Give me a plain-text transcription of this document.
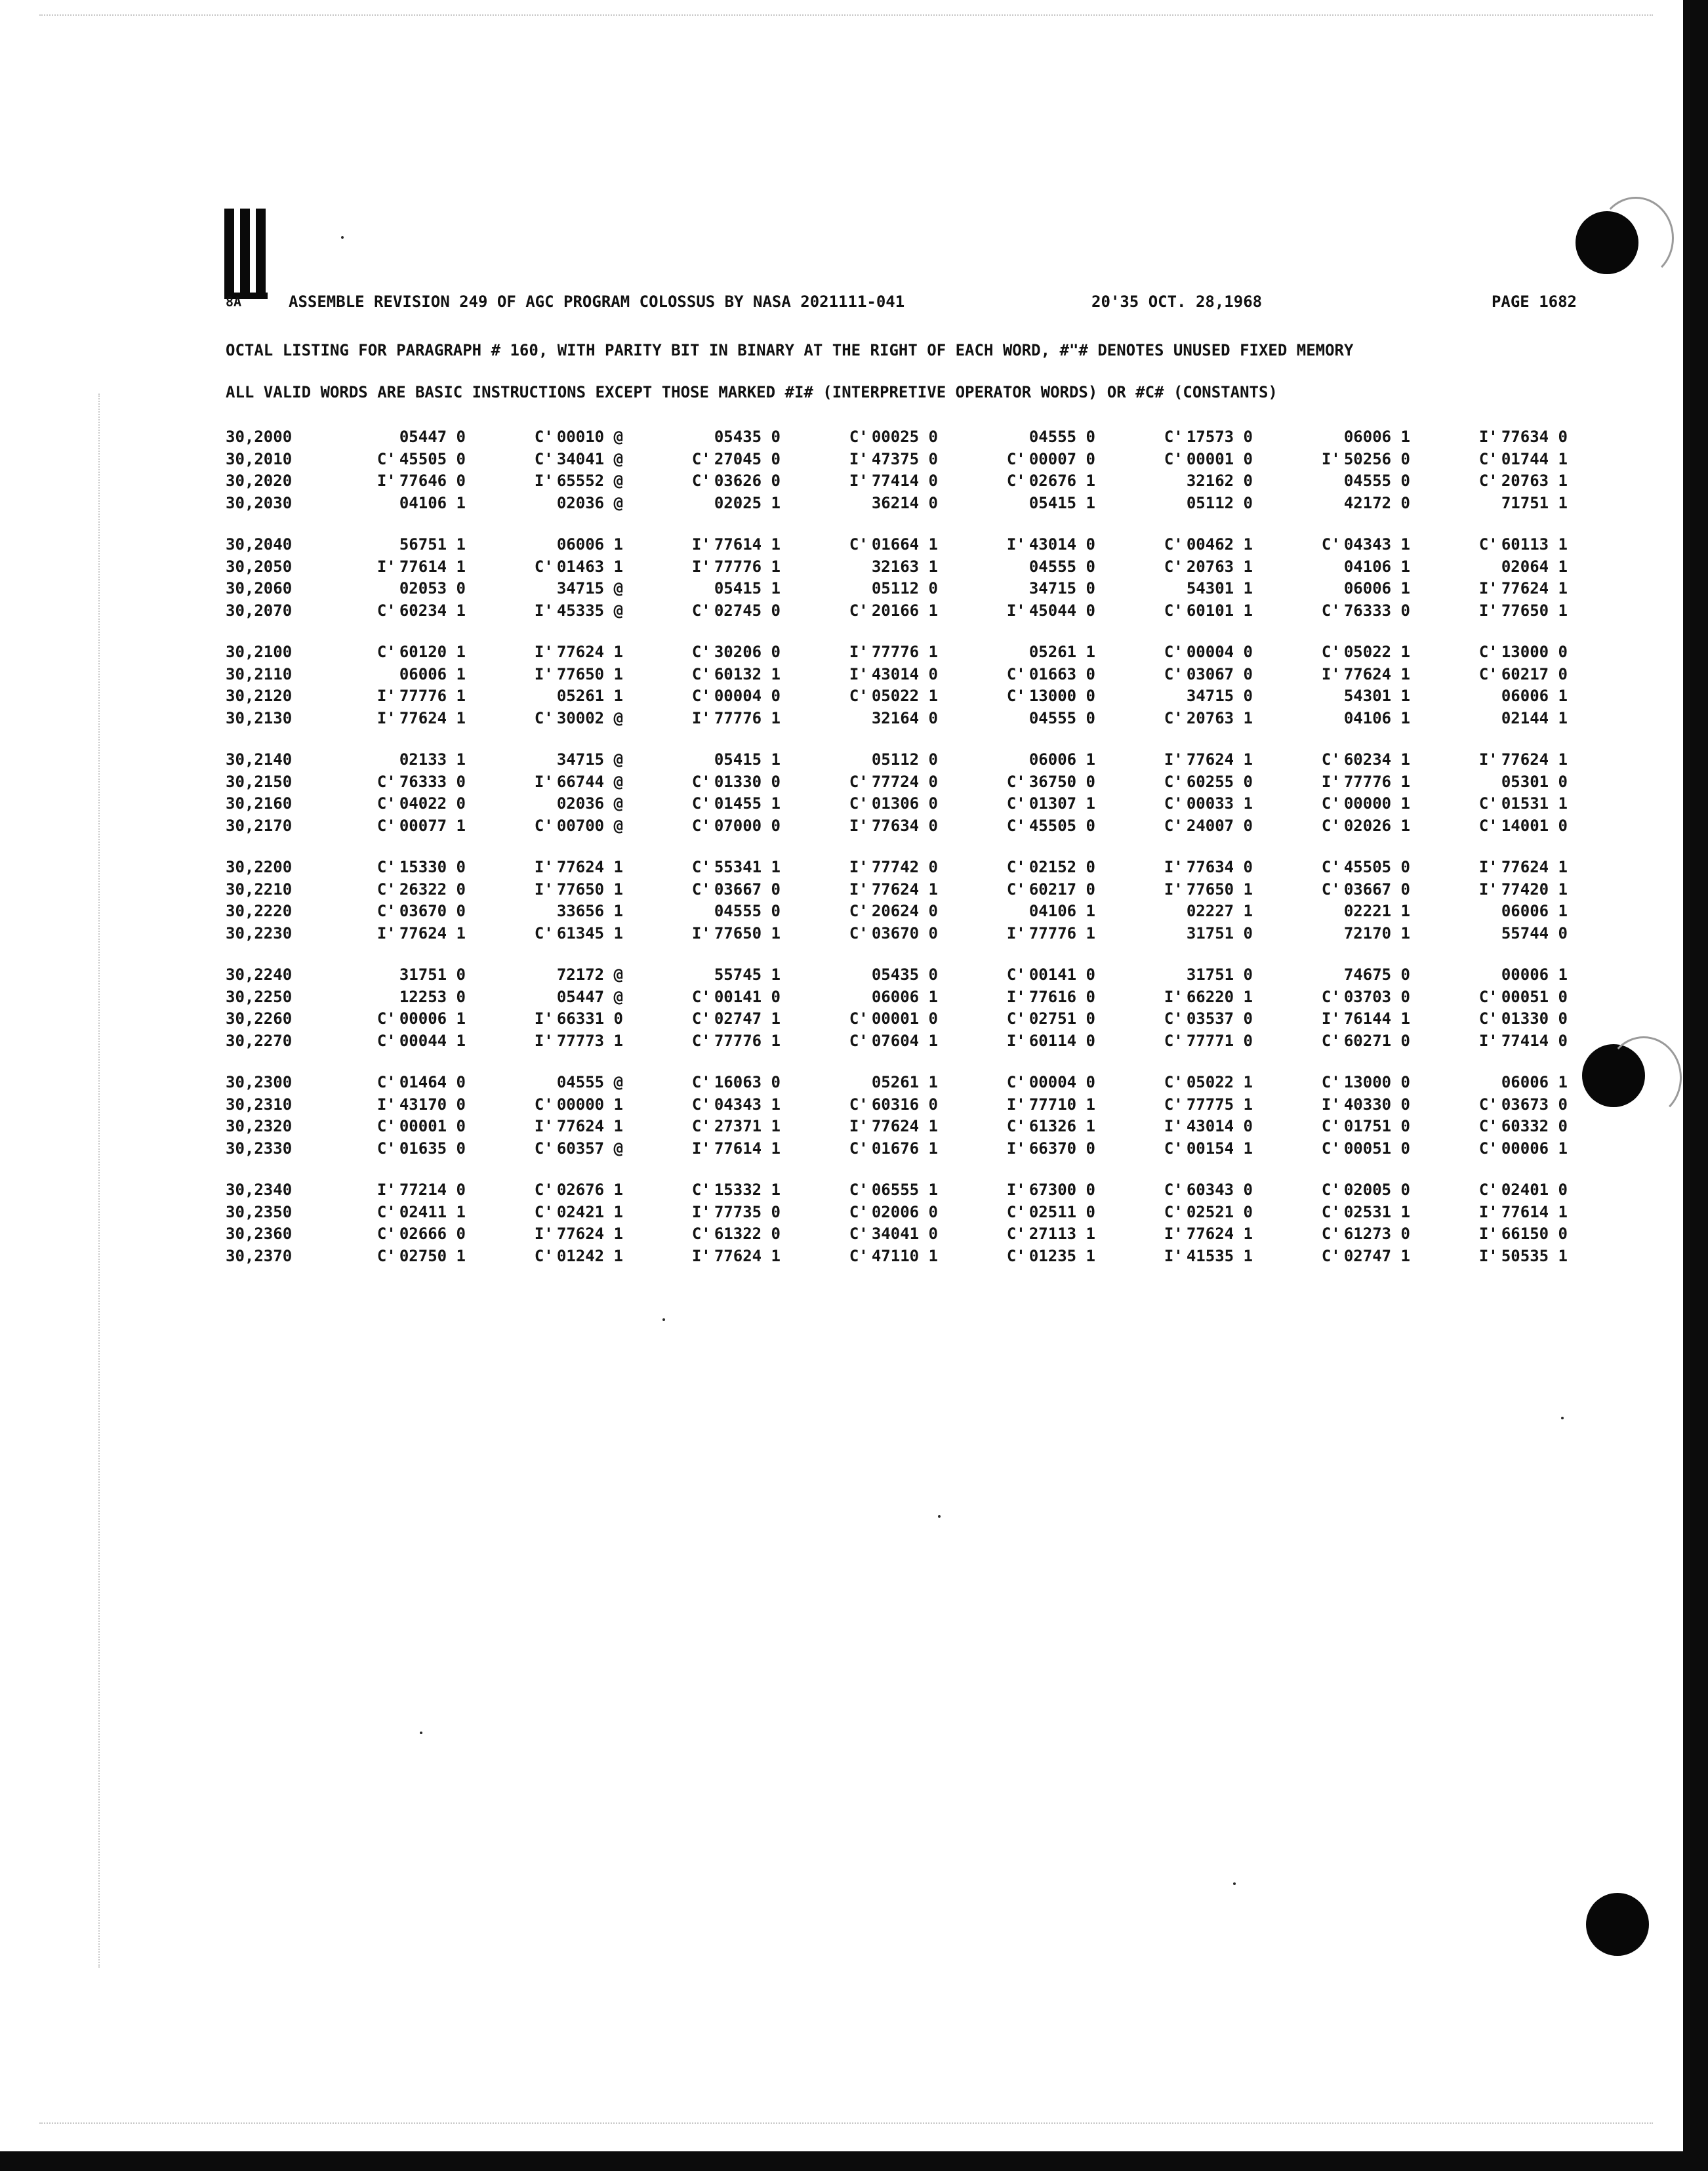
8A	ASSEMBLE REVISION 249 OF AGC PROGRAM COLOSSUS BY NASA 2021111-041	20'35 OCT. 28,1968	PAGE 1682
OCTAL LISTING FOR PARAGRAPH # 160, WITH PARITY BIT IN BINARY AT THE RIGHT OF EACH WORD, #"# DENOTES UNUSED FIXED MEMORY
ALL VALID WORDS ARE BASIC INSTRUCTIONS EXCEPT THOSE MARKED #I# (INTERPRETIVE OPERATOR WORDS) OR #C# (CONSTANTS)
30,2000	05447 0	C' 00010 @	05435 0	C' 00025 0	04555 0	C' 17573 0	06006 1	I' 77634 0
30,2010	C' 45505 0	C' 34041 @	C' 27045 0	I' 47375 0	C' 00007 0	C' 00001 0	I' 50256 0	C' 01744 1
30,2020	I' 77646 0	I' 65552 @	C' 03626 0	I' 77414 0	C' 02676 1	32162 0	04555 0	C' 20763 1
30,2030	04106 1	02036 @	02025 1	36214 0	05415 1	05112 0	42172 0	71751 1
30,2040	56751 1	06006 1	I' 77614 1	C' 01664 1	I' 43014 0	C' 00462 1	C' 04343 1	C' 60113 1
30,2050	I' 77614 1	C' 01463 1	I' 77776 1	32163 1	04555 0	C' 20763 1	04106 1	02064 1
30,2060	02053 0	34715 @	05415 1	05112 0	34715 0	54301 1	06006 1	I' 77624 1
30,2070	C' 60234 1	I' 45335 @	C' 02745 0	C' 20166 1	I' 45044 0	C' 60101 1	C' 76333 0	I' 77650 1
30,2100	C' 60120 1	I' 77624 1	C' 30206 0	I' 77776 1	05261 1	C' 00004 0	C' 05022 1	C' 13000 0
30,2110	06006 1	I' 77650 1	C' 60132 1	I' 43014 0	C' 01663 0	C' 03067 0	I' 77624 1	C' 60217 0
30,2120	I' 77776 1	05261 1	C' 00004 0	C' 05022 1	C' 13000 0	34715 0	54301 1	06006 1
30,2130	I' 77624 1	C' 30002 @	I' 77776 1	32164 0	04555 0	C' 20763 1	04106 1	02144 1
30,2140	02133 1	34715 @	05415 1	05112 0	06006 1	I' 77624 1	C' 60234 1	I' 77624 1
30,2150	C' 76333 0	I' 66744 @	C' 01330 0	C' 77724 0	C' 36750 0	C' 60255 0	I' 77776 1	05301 0
30,2160	C' 04022 0	02036 @	C' 01455 1	C' 01306 0	C' 01307 1	C' 00033 1	C' 00000 1	C' 01531 1
30,2170	C' 00077 1	C' 00700 @	C' 07000 0	I' 77634 0	C' 45505 0	C' 24007 0	C' 02026 1	C' 14001 0
30,2200	C' 15330 0	I' 77624 1	C' 55341 1	I' 77742 0	C' 02152 0	I' 77634 0	C' 45505 0	I' 77624 1
30,2210	C' 26322 0	I' 77650 1	C' 03667 0	I' 77624 1	C' 60217 0	I' 77650 1	C' 03667 0	I' 77420 1
30,2220	C' 03670 0	33656 1	04555 0	C' 20624 0	04106 1	02227 1	02221 1	06006 1
30,2230	I' 77624 1	C' 61345 1	I' 77650 1	C' 03670 0	I' 77776 1	31751 0	72170 1	55744 0
30,2240	31751 0	72172 @	55745 1	05435 0	C' 00141 0	31751 0	74675 0	00006 1
30,2250	12253 0	05447 @	C' 00141 0	06006 1	I' 77616 0	I' 66220 1	C' 03703 0	C' 00051 0
30,2260	C' 00006 1	I' 66331 0	C' 02747 1	C' 00001 0	C' 02751 0	C' 03537 0	I' 76144 1	C' 01330 0
30,2270	C' 00044 1	I' 77773 1	C' 77776 1	C' 07604 1	I' 60114 0	C' 77771 0	C' 60271 0	I' 77414 0
30,2300	C' 01464 0	04555 @	C' 16063 0	05261 1	C' 00004 0	C' 05022 1	C' 13000 0	06006 1
30,2310	I' 43170 0	C' 00000 1	C' 04343 1	C' 60316 0	I' 77710 1	C' 77775 1	I' 40330 0	C' 03673 0
30,2320	C' 00001 0	I' 77624 1	C' 27371 1	I' 77624 1	C' 61326 1	I' 43014 0	C' 01751 0	C' 60332 0
30,2330	C' 01635 0	C' 60357 @	I' 77614 1	C' 01676 1	I' 66370 0	C' 00154 1	C' 00051 0	C' 00006 1
30,2340	I' 77214 0	C' 02676 1	C' 15332 1	C' 06555 1	I' 67300 0	C' 60343 0	C' 02005 0	C' 02401 0
30,2350	C' 02411 1	C' 02421 1	I' 77735 0	C' 02006 0	C' 02511 0	C' 02521 0	C' 02531 1	I' 77614 1
30,2360	C' 02666 0	I' 77624 1	C' 61322 0	C' 34041 0	C' 27113 1	I' 77624 1	C' 61273 0	I' 66150 0
30,2370	C' 02750 1	C' 01242 1	I' 77624 1	C' 47110 1	C' 01235 1	I' 41535 1	C' 02747 1	I' 50535 1
